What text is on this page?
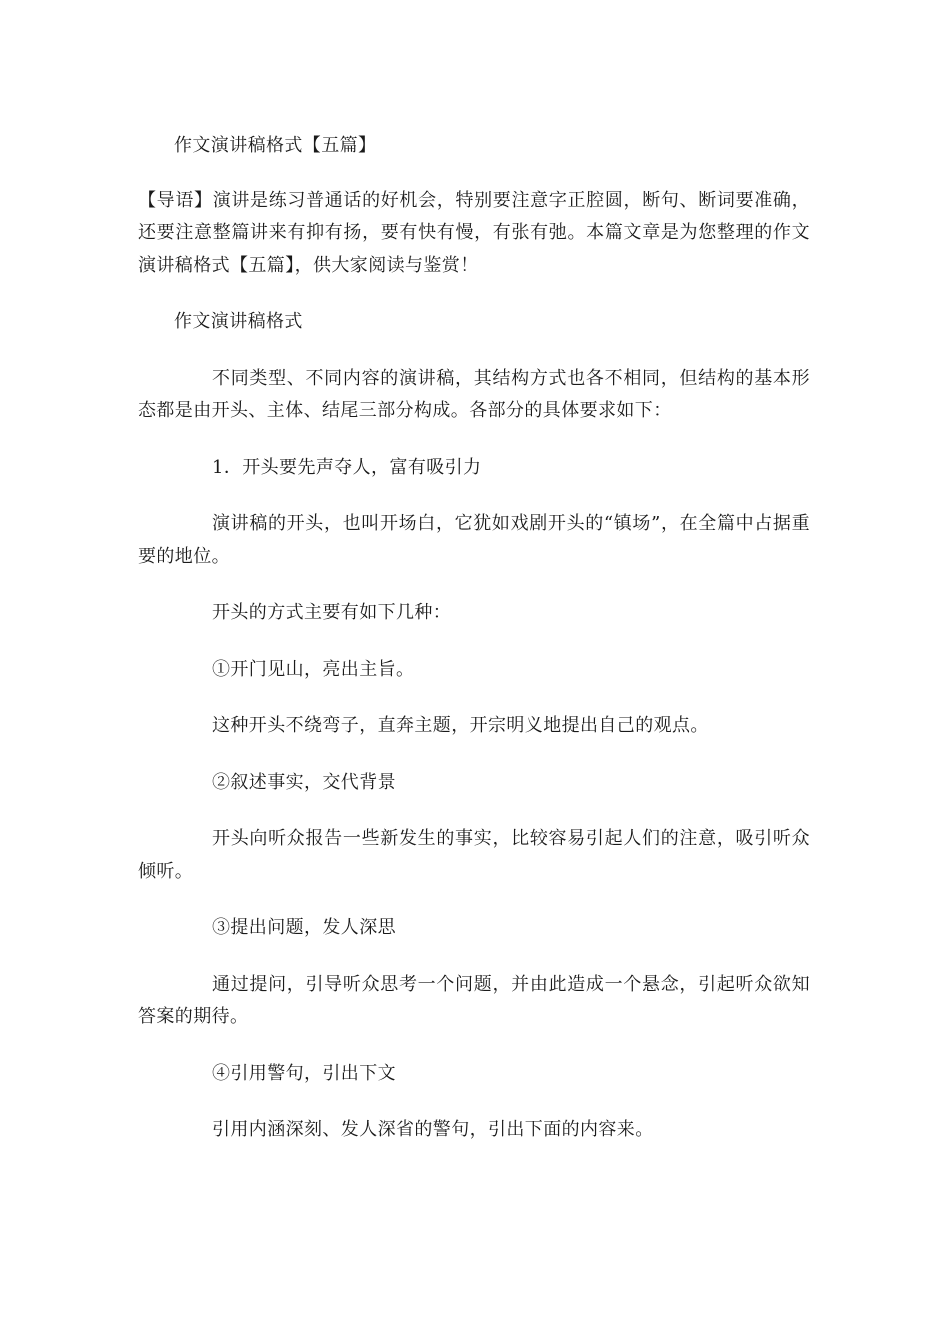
作文演讲稿格式【五篇】

【导语】演讲是练习普通话的好机会，特别要注意字正腔圆，断句、断词要准确，还要注意整篇讲来有抑有扬，要有快有慢，有张有弛。本篇文章是为您整理的作文演讲稿格式【五篇】，供大家阅读与鉴赏！

作文演讲稿格式

不同类型、不同内容的演讲稿，其结构方式也各不相同，但结构的基本形态都是由开头、主体、结尾三部分构成。各部分的具体要求如下：

1．开头要先声夺人，富有吸引力

演讲稿的开头，也叫开场白，它犹如戏剧开头的“镇场”，在全篇中占据重要的地位。

开头的方式主要有如下几种：

①开门见山，亮出主旨。

这种开头不绕弯子，直奔主题，开宗明义地提出自己的观点。

②叙述事实，交代背景

开头向听众报告一些新发生的事实，比较容易引起人们的注意，吸引听众倾听。

③提出问题，发人深思

通过提问，引导听众思考一个问题，并由此造成一个悬念，引起听众欲知答案的期待。

④引用警句，引出下文

引用内涵深刻、发人深省的警句，引出下面的内容来。
